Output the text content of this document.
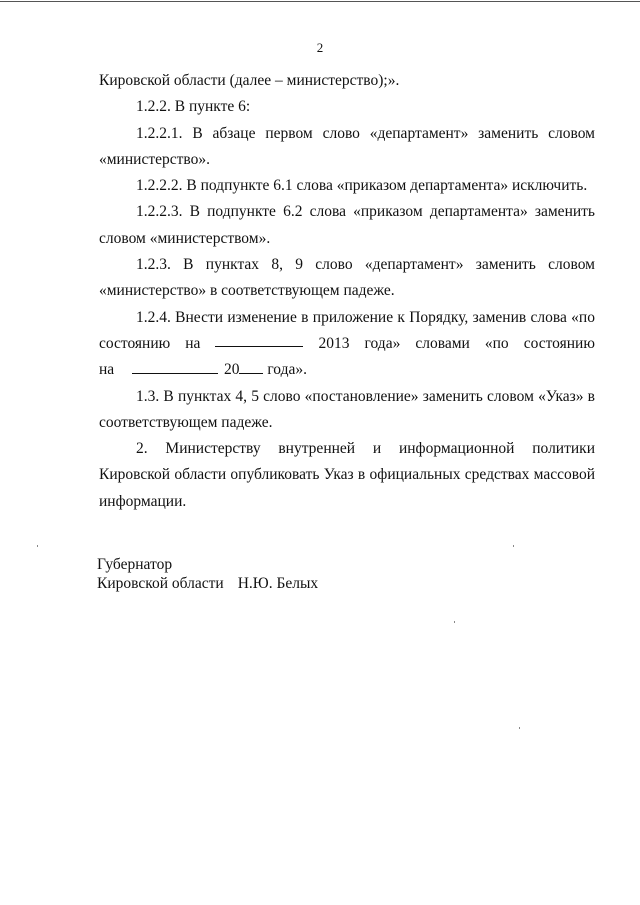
2

Кировской области (далее – министерство);».

1.2.2. В пункте 6:

1.2.2.1. В абзаце первом слово «департамент» заменить словом «министерство».

1.2.2.2. В подпункте 6.1 слова «приказом департамента» исключить.

1.2.2.3. В подпункте 6.2 слова «приказом департамента» заменить словом «министерством».

1.2.3. В пунктах 8, 9 слово «департамент» заменить словом «министерство» в соответствующем падеже.

1.2.4. Внести изменение в приложение к Порядку, заменив слова «по
состоянию на	2013 года» словами «по состоянию
на	20 года».

1.3. В пунктах 4, 5 слово «постановление» заменить словом «Указ» в соответствующем падеже.

2. Министерству внутренней и информационной политики Кировской области опубликовать Указ в официальных средствах массовой информации.

Губернатор
Кировской области Н.Ю. Белых
